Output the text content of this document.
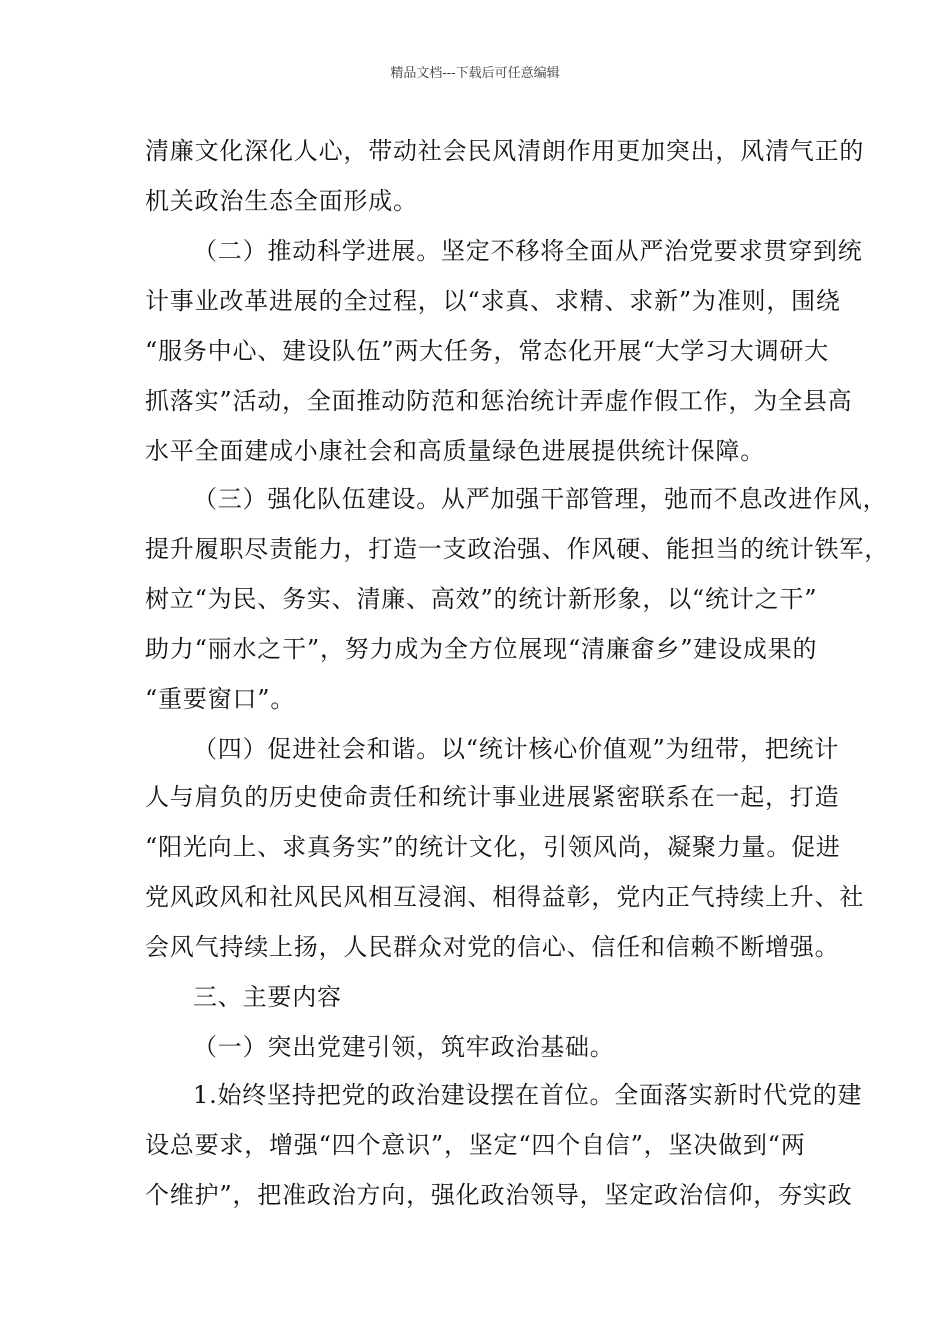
精品文档---下载后可任意编辑
清廉文化深化人心，带动社会民风清朗作用更加突出，风清气正的
机关政治生态全面形成。
（二）推动科学进展。坚定不移将全面从严治党要求贯穿到统
计事业改革进展的全过程，以“求真、求精、求新”为准则，围绕
“服务中心、建设队伍”两大任务，常态化开展“大学习大调研大
抓落实”活动，全面推动防范和惩治统计弄虚作假工作，为全县高
水平全面建成小康社会和高质量绿色进展提供统计保障。
（三）强化队伍建设。从严加强干部管理，弛而不息改进作风，
提升履职尽责能力，打造一支政治强、作风硬、能担当的统计铁军，
树立“为民、务实、清廉、高效”的统计新形象，以“统计之干”
助力“丽水之干”，努力成为全方位展现“清廉畲乡”建设成果的
“重要窗口”。
（四）促进社会和谐。以“统计核心价值观”为纽带，把统计
人与肩负的历史使命责任和统计事业进展紧密联系在一起，打造
“阳光向上、求真务实”的统计文化，引领风尚，凝聚力量。促进
党风政风和社风民风相互浸润、相得益彰，党内正气持续上升、社
会风气持续上扬，人民群众对党的信心、信任和信赖不断增强。
三、主要内容
（一）突出党建引领，筑牢政治基础。
1.始终坚持把党的政治建设摆在首位。全面落实新时代党的建
设总要求，增强“四个意识”，坚定“四个自信”，坚决做到“两
个维护”，把准政治方向，强化政治领导，坚定政治信仰，夯实政
